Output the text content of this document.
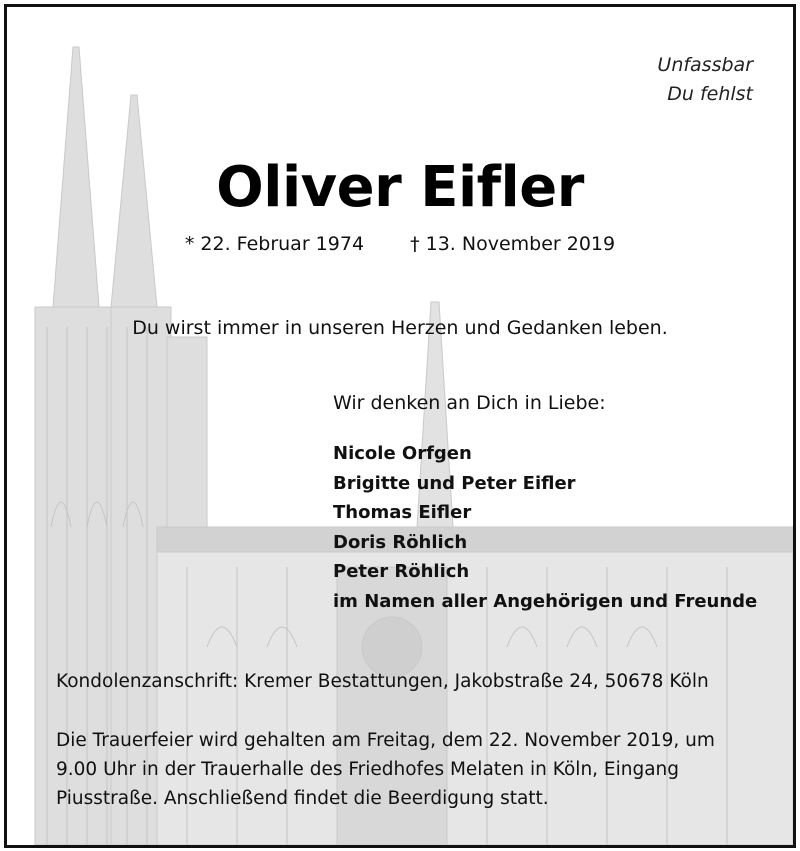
Unfassbar
Du fehlst
Oliver Eifler
* 22. Februar 1974 † 13. November 2019
Du wirst immer in unseren Herzen und Gedanken leben.
Wir denken an Dich in Liebe:
Nicole Orfgen
Brigitte und Peter Eifler
Thomas Eifler
Doris Röhlich
Peter Röhlich
im Namen aller Angehörigen und Freunde
Kondolenzanschrift: Kremer Bestattungen, Jakobstraße 24, 50678 Köln

Die Trauerfeier wird gehalten am Freitag, dem 22. November 2019, um
9.00 Uhr in der Trauerhalle des Friedhofes Melaten in Köln, Eingang
Piusstraße. Anschließend findet die Beerdigung statt.
